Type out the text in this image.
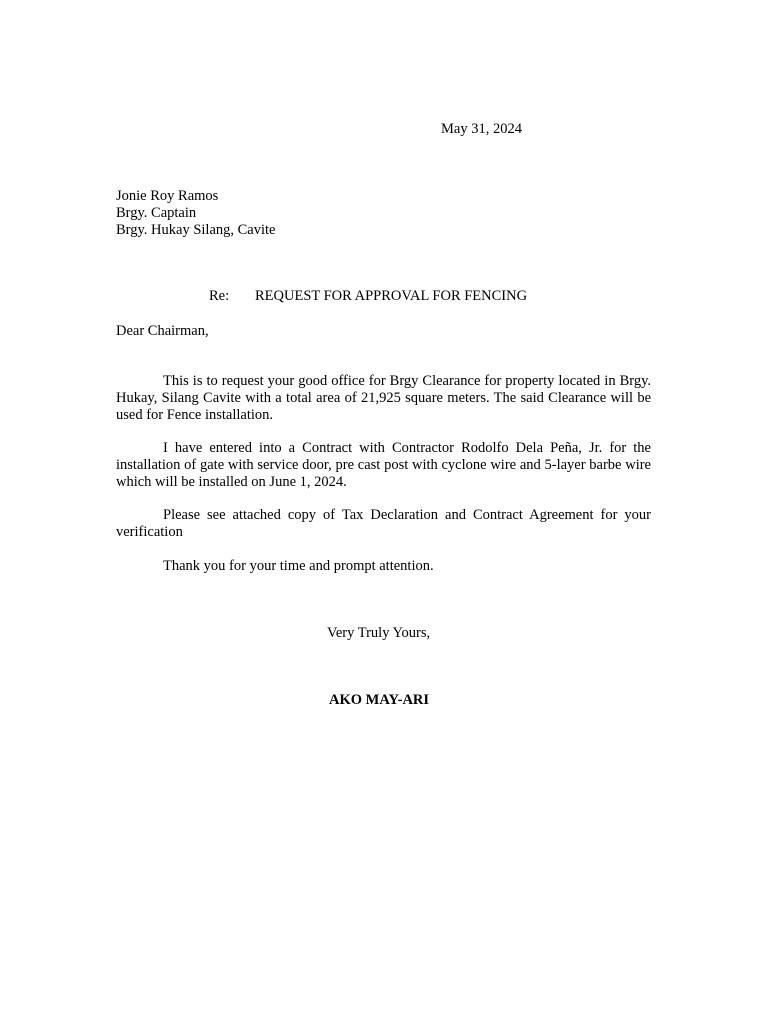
May 31, 2024
Jonie Roy Ramos
Brgy. Captain
Brgy. Hukay Silang, Cavite
Re: REQUEST FOR APPROVAL FOR FENCING
Dear Chairman,

This is to request your good office for Brgy Clearance for property located in Brgy. Hukay, Silang Cavite with a total area of 21,925 square meters. The said Clearance will be used for Fence installation.

I have entered into a Contract with Contractor Rodolfo Dela Peña, Jr. for the installation of gate with service door, pre cast post with cyclone wire and 5-layer barbe wire which will be installed on June 1, 2024.

Please see attached copy of Tax Declaration and Contract Agreement for your verification

Thank you for your time and prompt attention.

Very Truly Yours,
AKO MAY-ARI
